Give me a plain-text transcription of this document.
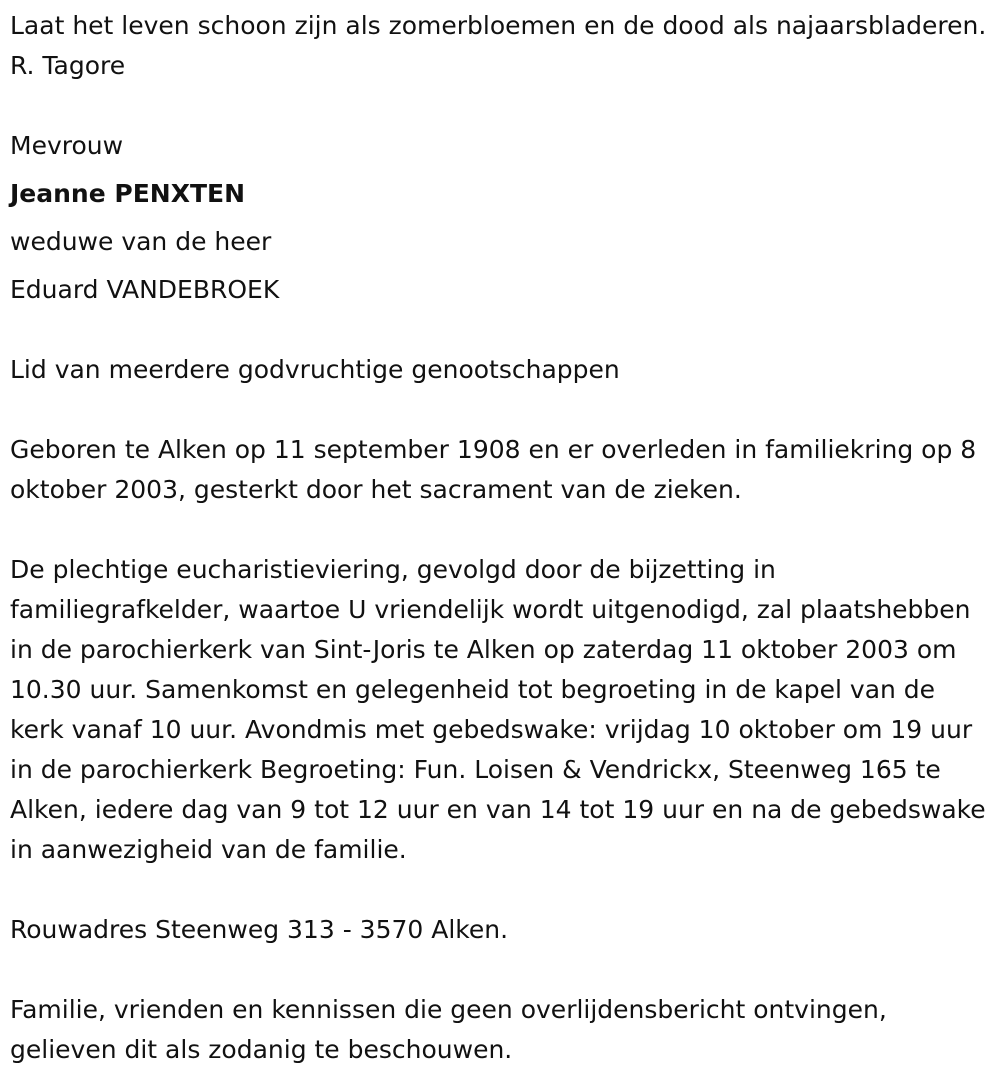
Laat het leven schoon zijn als zomerbloemen en de dood als najaarsbladeren. R. Tagore

Mevrouw

Jeanne PENXTEN

weduwe van de heer

Eduard VANDEBROEK

Lid van meerdere godvruchtige genootschappen

Geboren te Alken op 11 september 1908 en er overleden in familiekring op 8 oktober 2003, gesterkt door het sacrament van de zieken.

De plechtige eucharistieviering, gevolgd door de bijzetting in familiegrafkelder, waartoe U vriendelijk wordt uitgenodigd, zal plaatshebben in de parochierkerk van Sint-Joris te Alken op zaterdag 11 oktober 2003 om 10.30 uur. Samenkomst en gelegenheid tot begroeting in de kapel van de kerk vanaf 10 uur. Avondmis met gebedswake: vrijdag 10 oktober om 19 uur in de parochierkerk Begroeting: Fun. Loisen & Vendrickx, Steenweg 165 te Alken, iedere dag van 9 tot 12 uur en van 14 tot 19 uur en na de gebedswake in aanwezigheid van de familie.

Rouwadres Steenweg 313 - 3570 Alken.

Familie, vrienden en kennissen die geen overlijdensbericht ontvingen, gelieven dit als zodanig te beschouwen.
